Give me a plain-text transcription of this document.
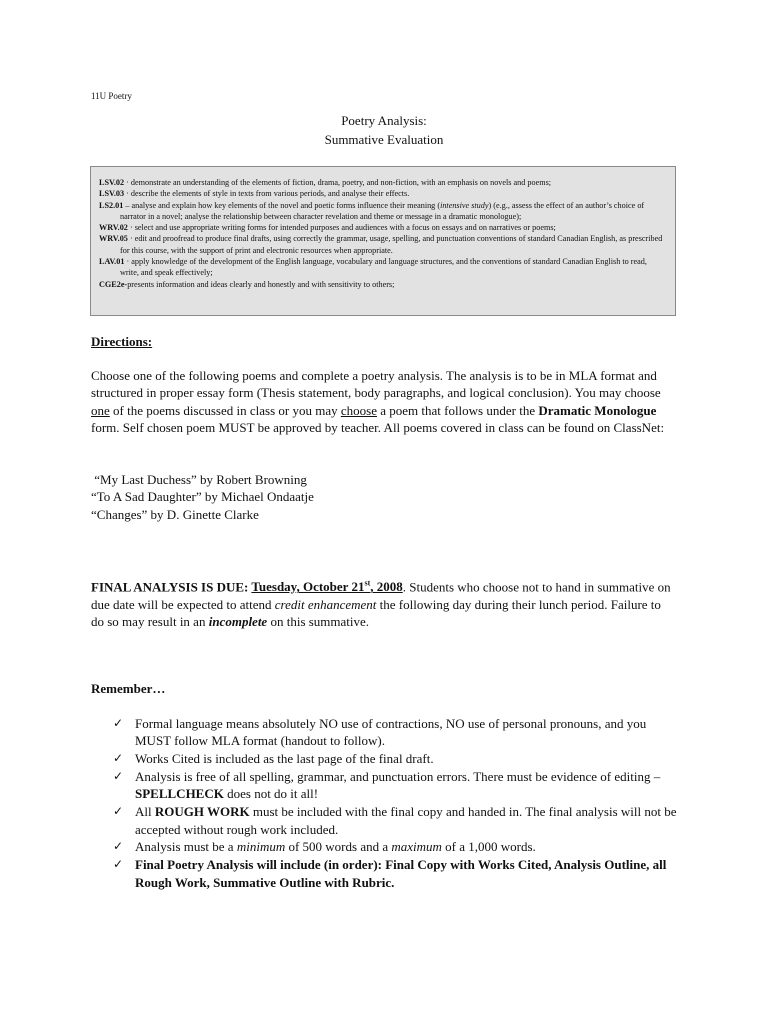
11U Poetry
Poetry Analysis:
Summative Evaluation

LSV.02 · demonstrate an understanding of the elements of fiction, drama, poetry, and non-fiction, with an emphasis on novels and poems;

LSV.03 · describe the elements of style in texts from various periods, and analyse their effects.

LS2.01 – analyse and explain how key elements of the novel and poetic forms influence their meaning (intensive study) (e.g., assess the effect of an author’s choice of narrator in a novel; analyse the relationship between character revelation and theme or message in a dramatic monologue);

WRV.02 · select and use appropriate writing forms for intended purposes and audiences with a focus on essays and on narratives or poems;

WRV.05 · edit and proofread to produce final drafts, using correctly the grammar, usage, spelling, and punctuation conventions of standard Canadian English, as prescribed for this course, with the support of print and electronic resources when appropriate.

LAV.01 · apply knowledge of the development of the English language, vocabulary and language structures, and the conventions of standard Canadian English to read, write, and speak effectively;

CGE2e-presents information and ideas clearly and honestly and with sensitivity to others;

Directions:
Choose one of the following poems and complete a poetry analysis. The analysis is to be in MLA format and structured in proper essay form (Thesis statement, body paragraphs, and logical conclusion). You may choose one of the poems discussed in class or you may choose a poem that follows under the Dramatic Monologue form. Self chosen poem MUST be approved by teacher. All poems covered in class can be found on ClassNet:
“My Last Duchess” by Robert Browning
“To A Sad Daughter” by Michael Ondaatje
“Changes” by D. Ginette Clarke
FINAL ANALYSIS IS DUE: Tuesday, October 21st, 2008. Students who choose not to hand in summative on due date will be expected to attend credit enhancement the following day during their lunch period. Failure to do so may result in an incomplete on this summative.
Remember…
✓ Formal language means absolutely NO use of contractions, NO use of personal pronouns, and you MUST follow MLA format (handout to follow).
✓ Works Cited is included as the last page of the final draft.
✓ Analysis is free of all spelling, grammar, and punctuation errors. There must be evidence of editing – SPELLCHECK does not do it all!
✓ All ROUGH WORK must be included with the final copy and handed in. The final analysis will not be accepted without rough work included.
✓ Analysis must be a minimum of 500 words and a maximum of a 1,000 words.
✓ Final Poetry Analysis will include (in order): Final Copy with Works Cited, Analysis Outline, all Rough Work, Summative Outline with Rubric.
